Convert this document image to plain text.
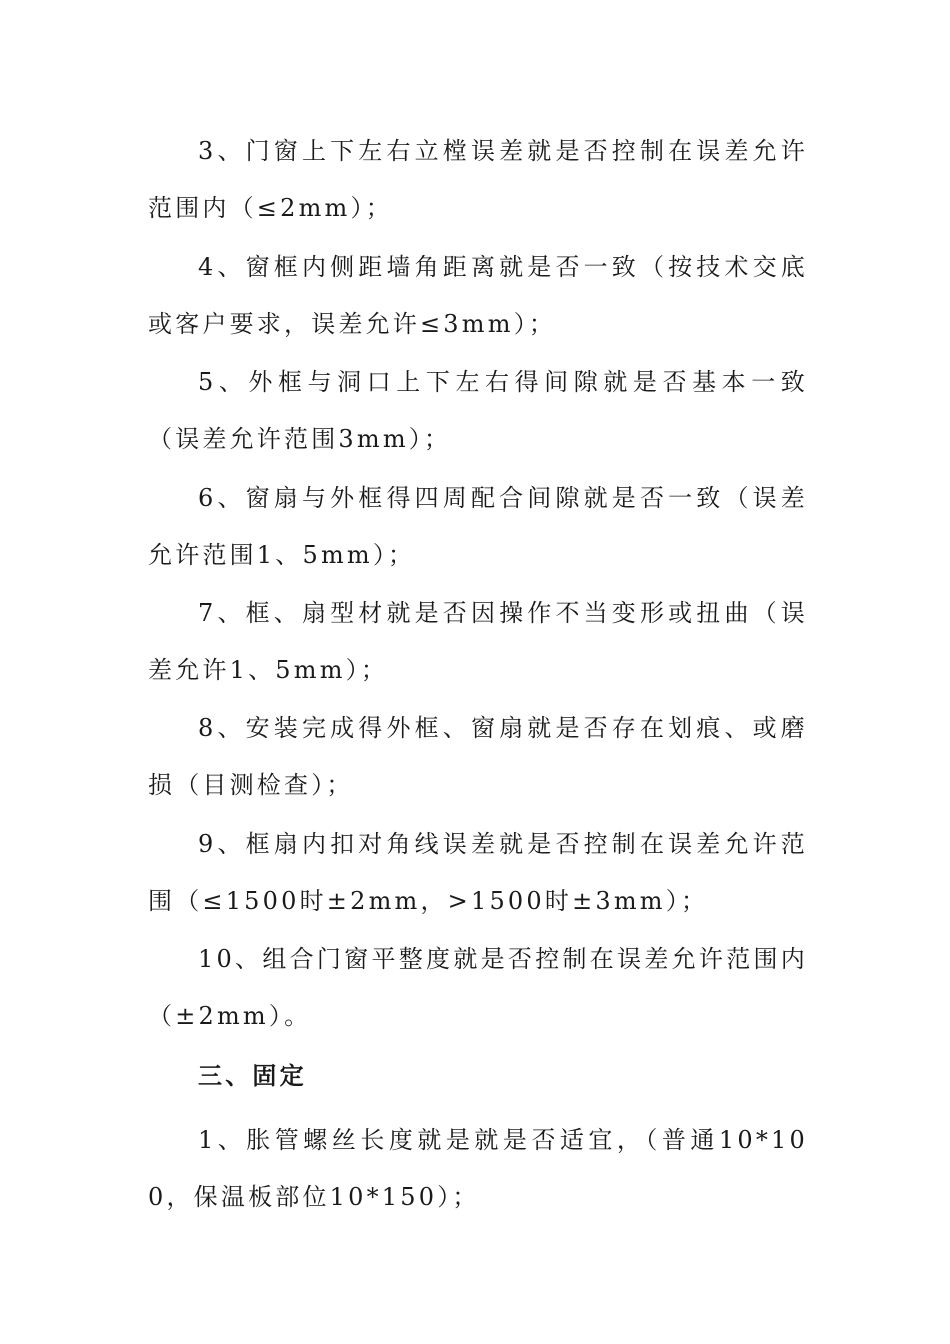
3、门窗上下左右立樘误差就是否控制在误差允许范围内（≤2mm）；

4、窗框内侧距墙角距离就是否一致（按技术交底或客户要求，误差允许≤3mm）；

5、外框与洞口上下左右得间隙就是否基本一致（误差允许范围3mm）；

6、窗扇与外框得四周配合间隙就是否一致（误差允许范围1、5mm）；

7、框、扇型材就是否因操作不当变形或扭曲（误差允许1、5mm）；

8、安装完成得外框、窗扇就是否存在划痕、或磨损（目测检查）；

9、框扇内扣对角线误差就是否控制在误差允许范围（≤1500时±2mm，>1500时±3mm）；

10、组合门窗平整度就是否控制在误差允许范围内（±2mm）。

三、固定

1、胀管螺丝长度就是就是否适宜，（普通10*100，保温板部位10*150）；
